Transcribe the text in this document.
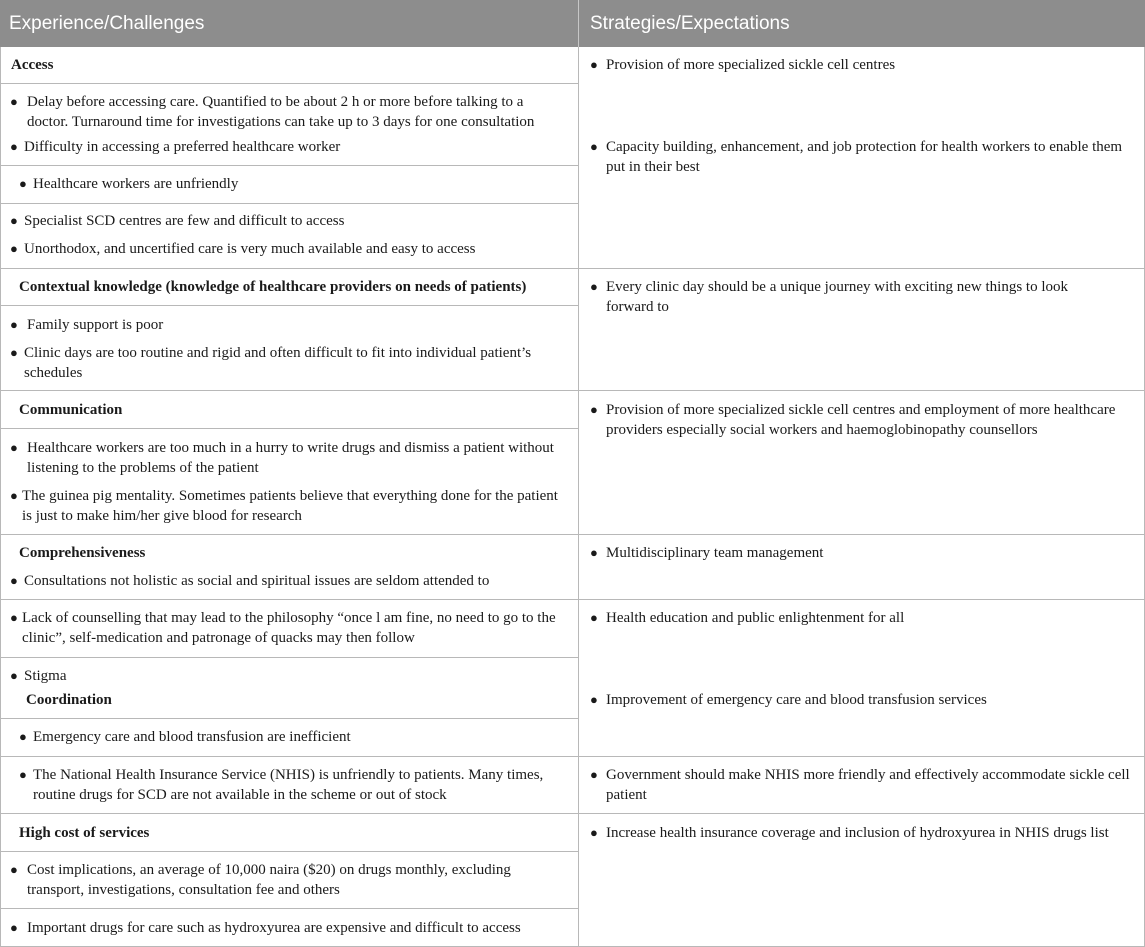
Experience/Challenges	Strategies/Expectations
Access
● Delay before accessing care. Quantified to be about 2 h or more before talking to a
doctor. Turnaround time for investigations can take up to 3 days for one consultation
● Difficulty in accessing a preferred healthcare worker
● Healthcare workers are unfriendly
● Specialist SCD centres are few and difficult to access
● Unorthodox, and uncertified care is very much available and easy to access
Contextual knowledge (knowledge of healthcare providers on needs of patients)
● Family support is poor
● Clinic days are too routine and rigid and often difficult to fit into individual patient’s
schedules
Communication
● Healthcare workers are too much in a hurry to write drugs and dismiss a patient without
listening to the problems of the patient
● The guinea pig mentality. Sometimes patients believe that everything done for the patient
is just to make him/her give blood for research
Comprehensiveness
● Consultations not holistic as social and spiritual issues are seldom attended to
● Lack of counselling that may lead to the philosophy “once l am fine, no need to go to the
clinic”, self-medication and patronage of quacks may then follow
● Stigma
Coordination
● Emergency care and blood transfusion are inefficient
● The National Health Insurance Service (NHIS) is unfriendly to patients. Many times,
routine drugs for SCD are not available in the scheme or out of stock
High cost of services
● Cost implications, an average of 10,000 naira ($20) on drugs monthly, excluding
transport, investigations, consultation fee and others
● Important drugs for care such as hydroxyurea are expensive and difficult to access
● Provision of more specialized sickle cell centres
● Capacity building, enhancement, and job protection for health workers to enable them
put in their best
● Every clinic day should be a unique journey with exciting new things to look
forward to
● Provision of more specialized sickle cell centres and employment of more healthcare
providers especially social workers and haemoglobinopathy counsellors
● Multidisciplinary team management
● Health education and public enlightenment for all
● Improvement of emergency care and blood transfusion services
● Government should make NHIS more friendly and effectively accommodate sickle cell
patient
● Increase health insurance coverage and inclusion of hydroxyurea in NHIS drugs list
